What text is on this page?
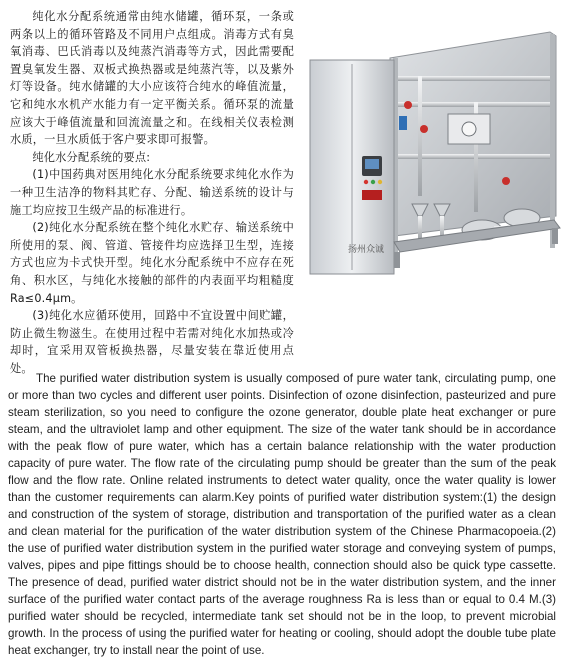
纯化水分配系统通常由纯水储罐，循环泵，一条或两条以上的循环管路及不同用户点组成。消毒方式有臭氧消毒、巴氏消毒以及纯蒸汽消毒等方式，因此需要配置臭氧发生器、双板式换热器或是纯蒸汽等，以及紫外灯等设备。纯水储罐的大小应该符合纯水的峰值流量，它和纯水水机产水能力有一定平衡关系。循环泵的流量应该大于峰值流量和回流流量之和。在线相关仪表检测水质，一旦水质低于客户要求即可报警。

纯化水分配系统的要点:

(1)中国药典对医用纯化水分配系统要求纯化水作为一种卫生洁净的物料其贮存、分配、输送系统的设计与施工均应按卫生级产品的标准进行。

(2)纯化水分配系统在整个纯化水贮存、输送系统中所使用的泵、阀、管道、管接件均应选择卫生型，连接方式也应为卡式快开型。纯化水分配系统中不应存在死角、积水区，与纯化水接触的部件的内表面平均粗糙度Ra≤0.4μm。

(3)纯化水应循环使用，回路中不宜设置中间贮罐，防止微生物滋生。在使用过程中若需对纯化水加热或冷却时，宜采用双管板换热器，尽量安装在靠近使用点处。

扬州众诚

The purified water distribution system is usually composed of pure water tank, circulating pump, one or more than two cycles and different user points. Disinfection of ozone disinfection, pasteurized and pure steam sterilization, so you need to configure the ozone generator, double plate heat exchanger or pure steam, and the ultraviolet lamp and other equipment. The size of the water tank should be in accordance with the peak flow of pure water, which has a certain balance relationship with the water production capacity of pure water. The flow rate of the circulating pump should be greater than the sum of the peak flow and the flow rate. Online related instruments to detect water quality, once the water quality is lower than the customer requirements can alarm.Key points of purified water distribution system:(1) the design and construction of the system of storage, distribution and transportation of the purified water as a clean and clean material for the purification of the water distribution system of the Chinese Pharmacopoeia.(2) the use of purified water distribution system in the purified water storage and conveying system of pumps, valves, pipes and pipe fittings should be to choose health, connection should also be quick type cassette. The presence of dead, purified water district should not be in the water distribution system, and the inner surface of the purified water contact parts of the average roughness Ra is less than or equal to 0.4 M.(3) purified water should be recycled, intermediate tank set should not be in the loop, to prevent microbial growth. In the process of using the purified water for heating or cooling, should adopt the double tube plate heat exchanger, try to install near the point of use.
